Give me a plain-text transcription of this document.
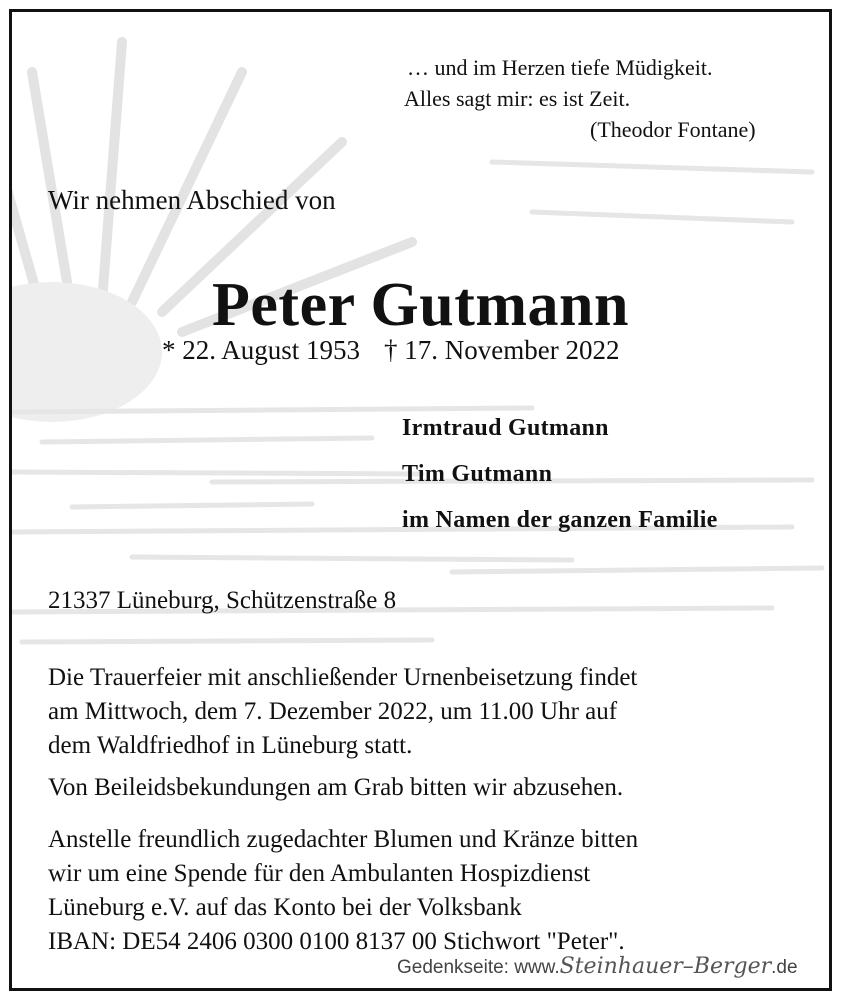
… und im Herzen tiefe Müdigkeit.
Alles sagt mir: es ist Zeit.
(Theodor Fontane)
Wir nehmen Abschied von
Peter Gutmann
* 22. August 1953 † 17. November 2022
Irmtraud Gutmann
Tim Gutmann
im Namen der ganzen Familie
21337 Lüneburg, Schützenstraße 8
Die Trauerfeier mit anschließender Urnenbeisetzung findet
am Mittwoch, dem 7. Dezember 2022, um 11.00 Uhr auf
dem Waldfriedhof in Lüneburg statt.
Von Beileidsbekundungen am Grab bitten wir abzusehen.
Anstelle freundlich zugedachter Blumen und Kränze bitten
wir um eine Spende für den Ambulanten Hospizdienst
Lüneburg e.V. auf das Konto bei der Volksbank
IBAN: DE54 2406 0300 0100 8137 00 Stichwort "Peter".
Gedenkseite: www.Steinhauer–Berger.de
